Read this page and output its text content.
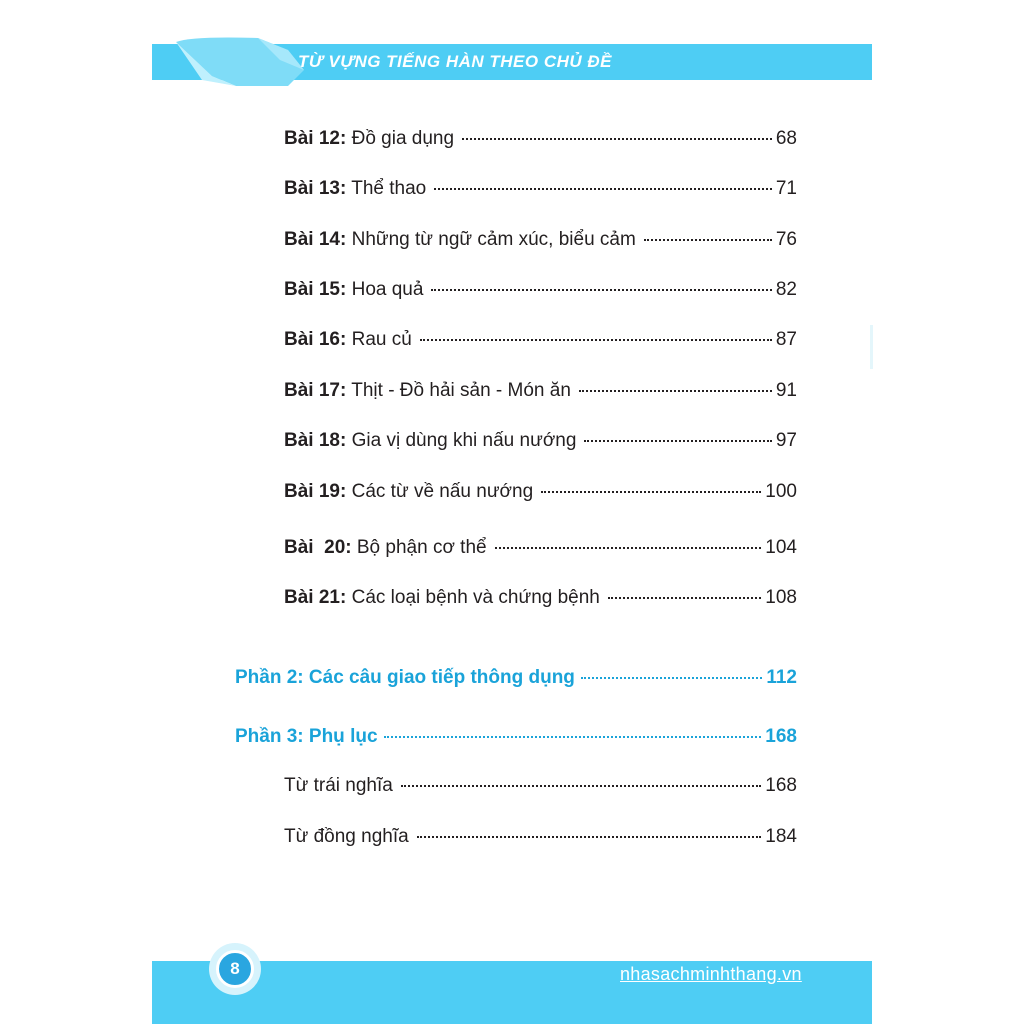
TỪ VỰNG TIẾNG HÀN THEO CHỦ ĐỀ
Bài 12: Đồ gia dụng	68
Bài 13: Thể thao	71
Bài 14: Những từ ngữ cảm xúc, biểu cảm	76
Bài 15: Hoa quả	82
Bài 16: Rau củ	87
Bài 17: Thịt - Đồ hải sản - Món ăn	91
Bài 18: Gia vị dùng khi nấu nướng	97
Bài 19: Các từ về nấu nướng	100
Bài  20: Bộ phận cơ thể	104
Bài 21: Các loại bệnh và chứng bệnh	108
Phần 2: Các câu giao tiếp thông dụng	112
Phần 3: Phụ lục	168
Từ trái nghĩa	168
Từ đồng nghĩa	184
8	nhasachminhthang.vn
